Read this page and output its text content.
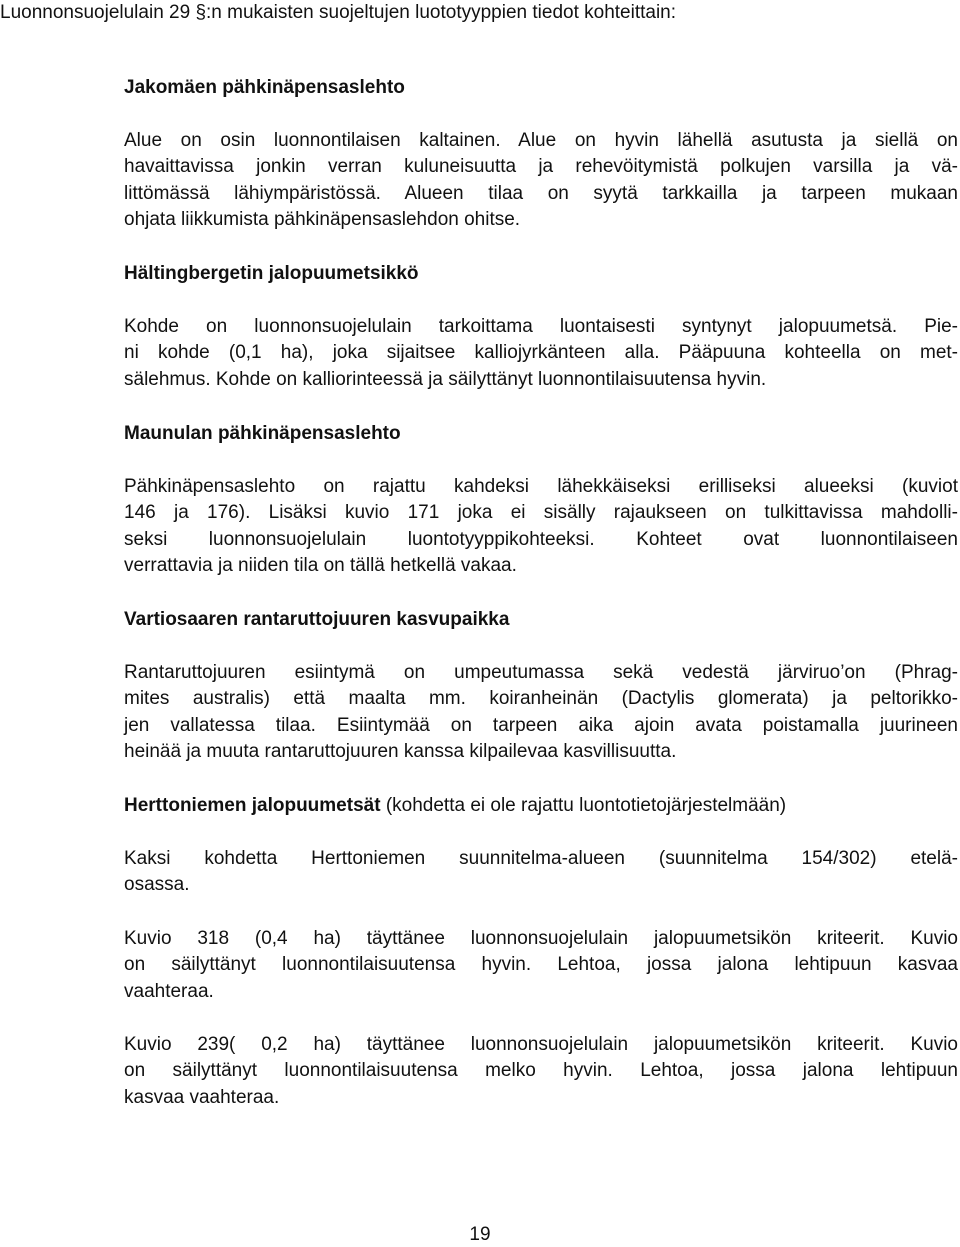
Luonnonsuojelulain 29 §:n mukaisten suojeltujen luototyyppien tiedot kohteittain:
Jakomäen pähkinäpensaslehto

Alue on osin luonnontilaisen kaltainen. Alue on hyvin lähellä asutusta ja siellä on
havaittavissa jonkin verran kuluneisuutta ja rehevöitymistä polkujen varsilla ja vä-
littömässä lähiympäristössä. Alueen tilaa on syytä tarkkailla ja tarpeen mukaan
ohjata liikkumista pähkinäpensaslehdon ohitse.

Hältingbergetin jalopuumetsikkö

Kohde on luonnonsuojelulain tarkoittama luontaisesti syntynyt jalopuumetsä. Pie-
ni kohde (0,1 ha), joka sijaitsee kalliojyrkänteen alla. Pääpuuna kohteella on met-
sälehmus. Kohde on kalliorinteessä ja säilyttänyt luonnontilaisuutensa hyvin.

Maunulan pähkinäpensaslehto

Pähkinäpensaslehto on rajattu kahdeksi lähekkäiseksi erilliseksi alueeksi (kuviot
146 ja 176). Lisäksi kuvio 171 joka ei sisälly rajaukseen on tulkittavissa mahdolli-
seksi luonnonsuojelulain luontotyyppikohteeksi. Kohteet ovat luonnontilaiseen
verrattavia ja niiden tila on tällä hetkellä vakaa.

Vartiosaaren rantaruttojuuren kasvupaikka

Rantaruttojuuren esiintymä on umpeutumassa sekä vedestä järviruo’on (Phrag-
mites australis) että maalta mm. koiranheinän (Dactylis glomerata) ja peltorikko-
jen vallatessa tilaa. Esiintymää on tarpeen aika ajoin avata poistamalla juurineen
heinää ja muuta rantaruttojuuren kanssa kilpailevaa kasvillisuutta.

Herttoniemen jalopuumetsät (kohdetta ei ole rajattu luontotietojärjestelmään)

Kaksi kohdetta Herttoniemen suunnitelma-alueen (suunnitelma 154/302) etelä-
osassa.

Kuvio 318 (0,4 ha) täyttänee luonnonsuojelulain jalopuumetsikön kriteerit. Kuvio
on säilyttänyt luonnontilaisuutensa hyvin. Lehtoa, jossa jalona lehtipuun kasvaa
vaahteraa.

Kuvio 239( 0,2 ha) täyttänee luonnonsuojelulain jalopuumetsikön kriteerit. Kuvio
on säilyttänyt luonnontilaisuutensa melko hyvin. Lehtoa, jossa jalona lehtipuun
kasvaa vaahteraa.

19
